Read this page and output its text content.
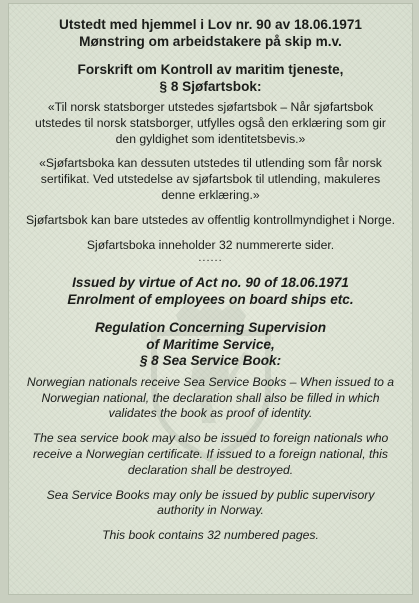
Utstedt med hjemmel i Lov nr. 90 av 18.06.1971

Mønstring om arbeidstakere på skip m.v.

Forskrift om Kontroll av maritim tjeneste,

§ 8 Sjøfartsbok:

«Til norsk statsborger utstedes sjøfartsbok – Når sjøfartsbok utstedes til norsk statsborger, utfylles også den erklæring som gir den gyldighet som identitetsbevis.»

«Sjøfartsboka kan dessuten utstedes til utlending som får norsk sertifikat. Ved utstedelse av sjøfartsbok til utlending, makuleres denne erklæring.»

Sjøfartsbok kan bare utstedes av offentlig kontrollmyndighet i Norge.

Sjøfartsboka inneholder 32 nummererte sider.

......

Issued by virtue of Act no. 90 of 18.06.1971

Enrolment of employees on board ships etc.

Regulation Concerning Supervision

of Maritime Service,

§ 8 Sea Service Book:

Norwegian nationals receive Sea Service Books – When issued to a Norwegian national, the declaration shall also be filled in which validates the book as proof of identity.

The sea service book may also be issued to foreign nationals who receive a Norwegian certificate. If issued to a foreign national, this declaration shall be destroyed.

Sea Service Books may only be issued by public supervisory authority in Norway.

This book contains 32 numbered pages.
